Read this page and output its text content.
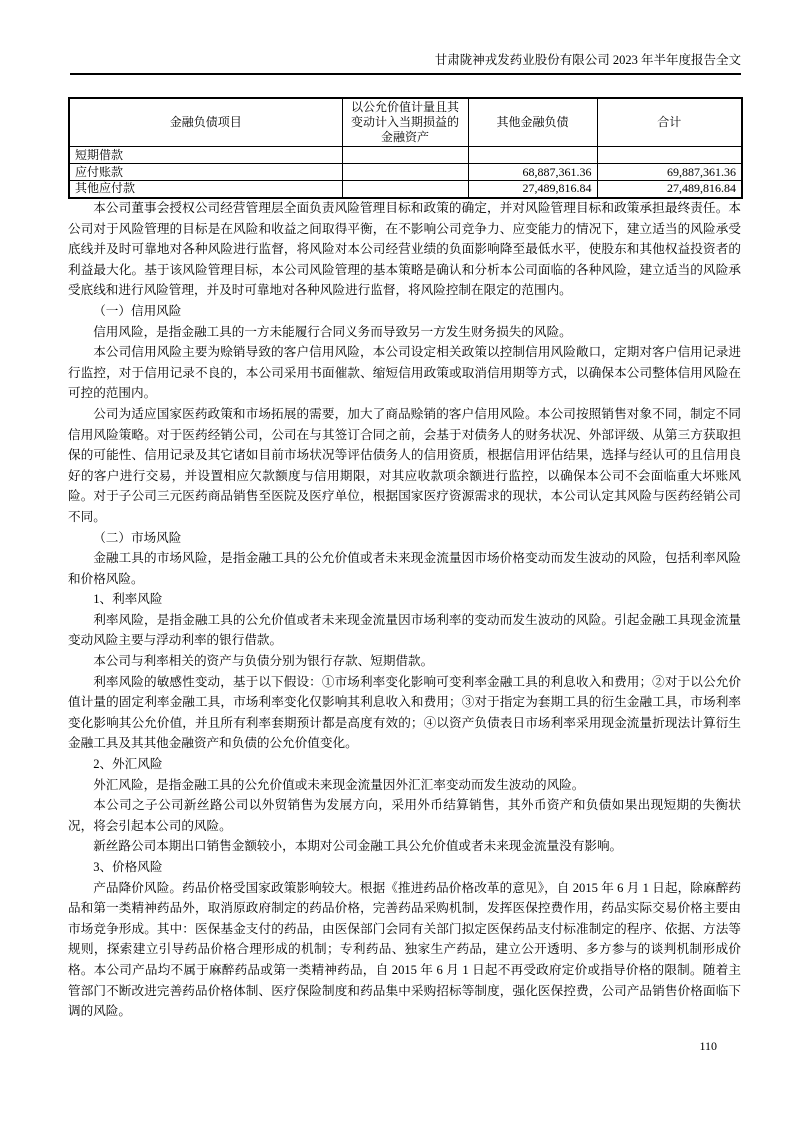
甘肃陇神戎发药业股份有限公司 2023 年半年度报告全文
金融负债项目	以公允价值计量且其变动计入当期损益的金融资产	其他金融负债	合计
短期借款			
应付账款		68,887,361.36	69,887,361.36
其他应付款		27,489,816.84	27,489,816.84

本公司董事会授权公司经营管理层全面负责风险管理目标和政策的确定，并对风险管理目标和政策承担最终责任。本公司对于风险管理的目标是在风险和收益之间取得平衡，在不影响公司竞争力、应变能力的情况下，建立适当的风险承受底线并及时可靠地对各种风险进行监督，将风险对本公司经营业绩的负面影响降至最低水平，使股东和其他权益投资者的利益最大化。基于该风险管理目标，本公司风险管理的基本策略是确认和分析本公司面临的各种风险，建立适当的风险承受底线和进行风险管理，并及时可靠地对各种风险进行监督，将风险控制在限定的范围内。

（一）信用风险

信用风险，是指金融工具的一方未能履行合同义务而导致另一方发生财务损失的风险。

本公司信用风险主要为赊销导致的客户信用风险，本公司设定相关政策以控制信用风险敞口，定期对客户信用记录进行监控，对于信用记录不良的，本公司采用书面催款、缩短信用政策或取消信用期等方式，以确保本公司整体信用风险在可控的范围内。

公司为适应国家医药政策和市场拓展的需要，加大了商品赊销的客户信用风险。本公司按照销售对象不同，制定不同信用风险策略。对于医药经销公司，公司在与其签订合同之前，会基于对债务人的财务状况、外部评级、从第三方获取担保的可能性、信用记录及其它诸如目前市场状况等评估债务人的信用资质，根据信用评估结果，选择与经认可的且信用良好的客户进行交易，并设置相应欠款额度与信用期限，对其应收款项余额进行监控，以确保本公司不会面临重大坏账风险。对于子公司三元医药商品销售至医院及医疗单位，根据国家医疗资源需求的现状，本公司认定其风险与医药经销公司不同。

（二）市场风险

金融工具的市场风险，是指金融工具的公允价值或者未来现金流量因市场价格变动而发生波动的风险，包括利率风险和价格风险。

1、利率风险

利率风险，是指金融工具的公允价值或者未来现金流量因市场利率的变动而发生波动的风险。引起金融工具现金流量变动风险主要与浮动利率的银行借款。

本公司与利率相关的资产与负债分别为银行存款、短期借款。

利率风险的敏感性变动，基于以下假设：①市场利率变化影响可变利率金融工具的利息收入和费用；②对于以公允价值计量的固定利率金融工具，市场利率变化仅影响其利息收入和费用；③对于指定为套期工具的衍生金融工具，市场利率变化影响其公允价值，并且所有利率套期预计都是高度有效的；④以资产负债表日市场利率采用现金流量折现法计算衍生金融工具及其其他金融资产和负债的公允价值变化。

2、外汇风险

外汇风险，是指金融工具的公允价值或未来现金流量因外汇汇率变动而发生波动的风险。

本公司之子公司新丝路公司以外贸销售为发展方向，采用外币结算销售，其外币资产和负债如果出现短期的失衡状况，将会引起本公司的风险。

新丝路公司本期出口销售金额较小，本期对公司金融工具公允价值或者未来现金流量没有影响。

3、价格风险

产品降价风险。药品价格受国家政策影响较大。根据《推进药品价格改革的意见》，自 2015 年 6 月 1 日起，除麻醉药品和第一类精神药品外，取消原政府制定的药品价格，完善药品采购机制，发挥医保控费作用，药品实际交易价格主要由市场竞争形成。其中：医保基金支付的药品，由医保部门会同有关部门拟定医保药品支付标准制定的程序、依据、方法等规则，探索建立引导药品价格合理形成的机制；专利药品、独家生产药品，建立公开透明、多方参与的谈判机制形成价格。本公司产品均不属于麻醉药品或第一类精神药品，自 2015 年 6 月 1 日起不再受政府定价或指导价格的限制。随着主管部门不断改进完善药品价格体制、医疗保险制度和药品集中采购招标等制度，强化医保控费，公司产品销售价格面临下调的风险。

110
